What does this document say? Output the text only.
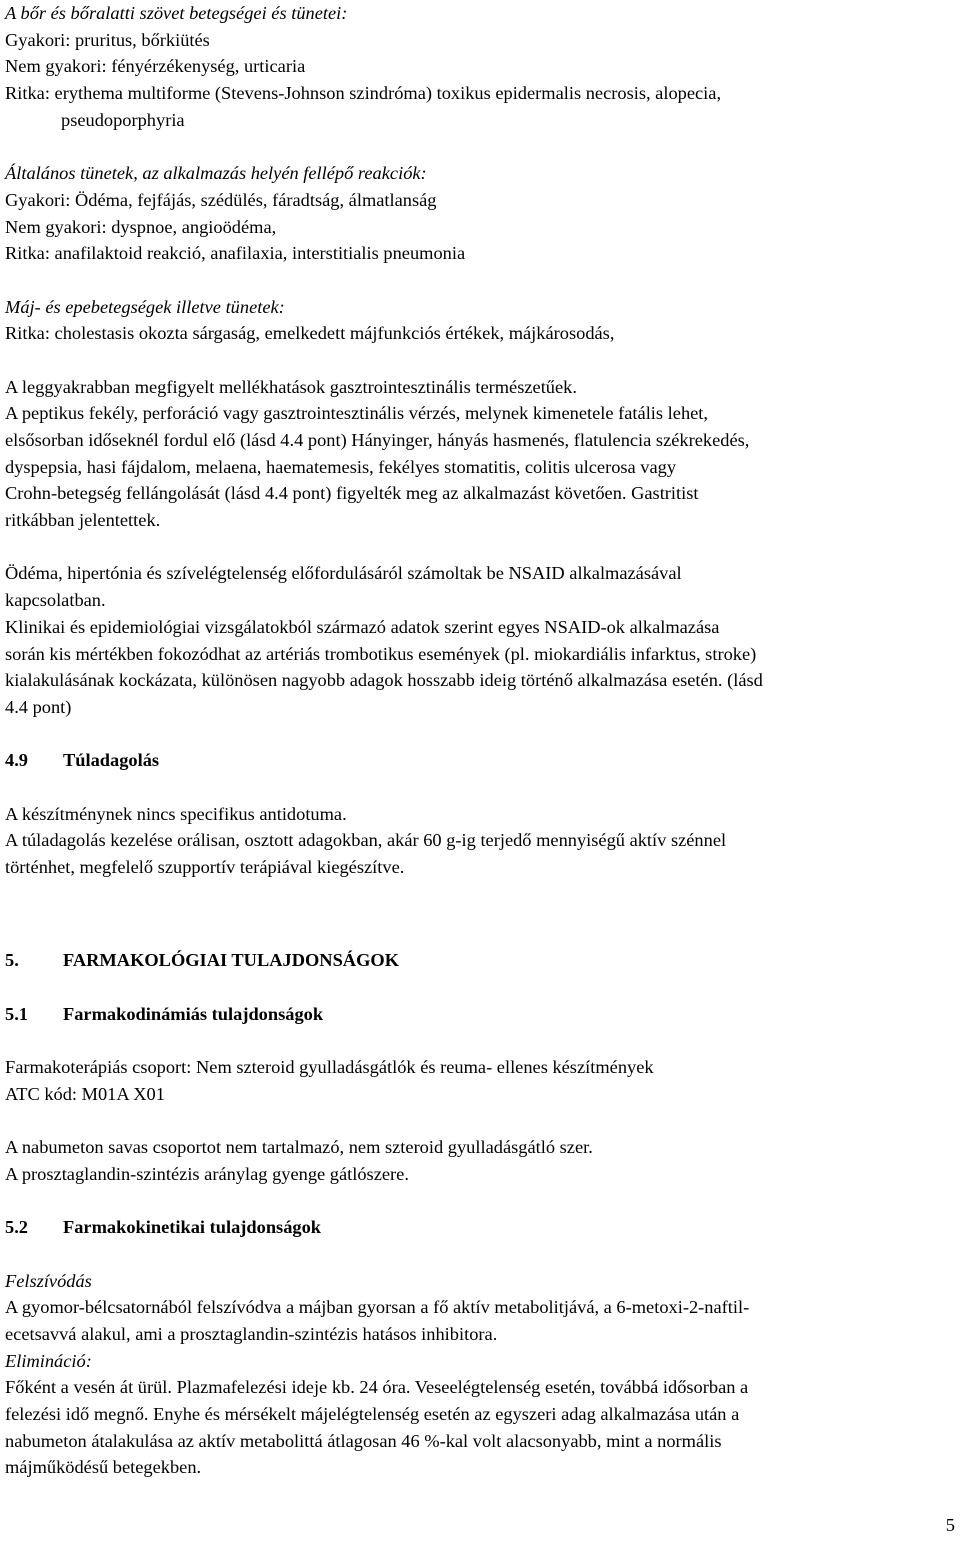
A bőr és bőralatti szövet betegségei és tünetei:
Gyakori: pruritus, bőrkiütés
Nem gyakori: fényérzékenység, urticaria
Ritka: erythema multiforme (Stevens-Johnson szindróma) toxikus epidermalis necrosis, alopecia,
pseudoporphyria
Általános tünetek, az alkalmazás helyén fellépő reakciók:
Gyakori: Ödéma, fejfájás, szédülés, fáradtság, álmatlanság
Nem gyakori: dyspnoe, angioödéma,
Ritka: anafilaktoid reakció, anafilaxia, interstitialis pneumonia
Máj- és epebetegségek illetve tünetek:
Ritka: cholestasis okozta sárgaság, emelkedett májfunkciós értékek, májkárosodás,
A leggyakrabban megfigyelt mellékhatások gasztrointesztinális természetűek.
A peptikus fekély, perforáció vagy gasztrointesztinális vérzés, melynek kimenetele fatális lehet,
elsősorban időseknél fordul elő (lásd 4.4 pont) Hányinger, hányás hasmenés, flatulencia székrekedés,
dyspepsia, hasi fájdalom, melaena, haematemesis, fekélyes stomatitis, colitis ulcerosa vagy
Crohn-betegség fellángolását (lásd 4.4 pont) figyelték meg az alkalmazást követően. Gastritist
ritkábban jelentettek.
Ödéma, hipertónia és szívelégtelenség előfordulásáról számoltak be NSAID alkalmazásával
kapcsolatban.
Klinikai és epidemiológiai vizsgálatokból származó adatok szerint egyes NSAID-ok alkalmazása
során kis mértékben fokozódhat az artériás trombotikus események (pl. miokardiális infarktus, stroke)
kialakulásának kockázata, különösen nagyobb adagok hosszabb ideig történő alkalmazása esetén. (lásd
4.4 pont)
4.9 Túladagolás
A készítménynek nincs specifikus antidotuma.
A túladagolás kezelése orálisan, osztott adagokban, akár 60 g-ig terjedő mennyiségű aktív szénnel
történhet, megfelelő szupportív terápiával kiegészítve.
5. FARMAKOLÓGIAI TULAJDONSÁGOK
5.1 Farmakodinámiás tulajdonságok
Farmakoterápiás csoport: Nem szteroid gyulladásgátlók és reuma- ellenes készítmények
ATC kód: M01A X01
A nabumeton savas csoportot nem tartalmazó, nem szteroid gyulladásgátló szer.
A prosztaglandin-szintézis aránylag gyenge gátlószere.
5.2 Farmakokinetikai tulajdonságok
Felszívódás
A gyomor-bélcsatornából felszívódva a májban gyorsan a fő aktív metabolitjává, a 6-metoxi-2-naftil-
ecetsavvá alakul, ami a prosztaglandin-szintézis hatásos inhibitora.
Elimináció:
Főként a vesén át ürül. Plazmafelezési ideje kb. 24 óra. Veseelégtelenség esetén, továbbá idősorban a
felezési idő megnő. Enyhe és mérsékelt májelégtelenség esetén az egyszeri adag alkalmazása után a
nabumeton átalakulása az aktív metabolittá átlagosan 46 %-kal volt alacsonyabb, mint a normális
májműködésű betegekben.
5
